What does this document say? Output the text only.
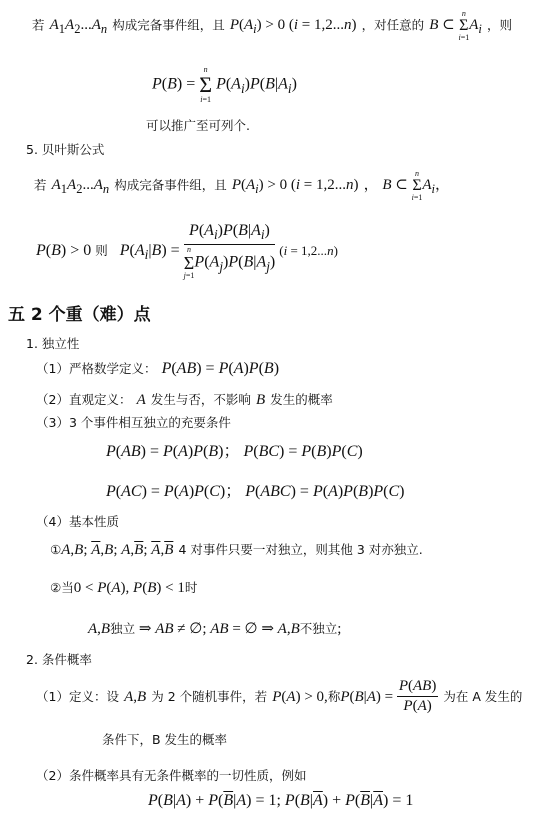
若 $A_1A_2...A_n$ 构成完备事件组，且 $P(A_i) > 0$ (i = 1,2...n) ，对任意的 B ⊂
n
Σ
i=1
$A_i$ ，则
P(B) =
n
Σ
i=1
$P(A_i)P(B|A_i)$
可以推广至可列个.
5. 贝叶斯公式
若 $A_1A_2...A_n$ 构成完备事件组，且 $P(A_i) > 0$ (i = 1,2...n) ， B ⊂
n
Σ
i=1
$A_i$，
P(B) > 0 则 $P(A_i|B) = P(A_i)P(B|A_i)$
n
Σ
j=1
$P(A_j)P(B|A_j) (i = 1,2...n)$
五 2 个重（难）点
1. 独立性
（1）严格数学定义： P(AB) = P(A)P(B)
（2）直观定义： A 发生与否，不影响 B 发生的概率
（3）3 个事件相互独立的充要条件
P(AB) = P(A)P(B)； P(BC) = P(B)P(C)
P(AC) = P(A)P(C)； P(ABC) = P(A)P(B)P(C)
（4）基本性质
①A,B; $\overline{A},B$; $A,\overline{B}$; $\overline{A},\overline{B}$ 4 对事件只要一对独立，则其他 3 对亦独立.
②当0 < P(A), P(B) < 1时
A,B独立 ⇒ AB ≠ ∅; AB = ∅ ⇒ A,B不独立;
2. 条件概率
（1）定义：设 A,B 为 2 个随机事件，若 P(A) > 0,称$P(B|A) = \frac{P(AB)}{P(A)}$ 为在 A 发生的
条件下，B 发生的概率
（2）条件概率具有无条件概率的一切性质，例如
$P(B|A) + P(\overline{B}|A) = 1$; $P(B|\overline{A}) + P(\overline{B}|\overline{A}) = 1$
